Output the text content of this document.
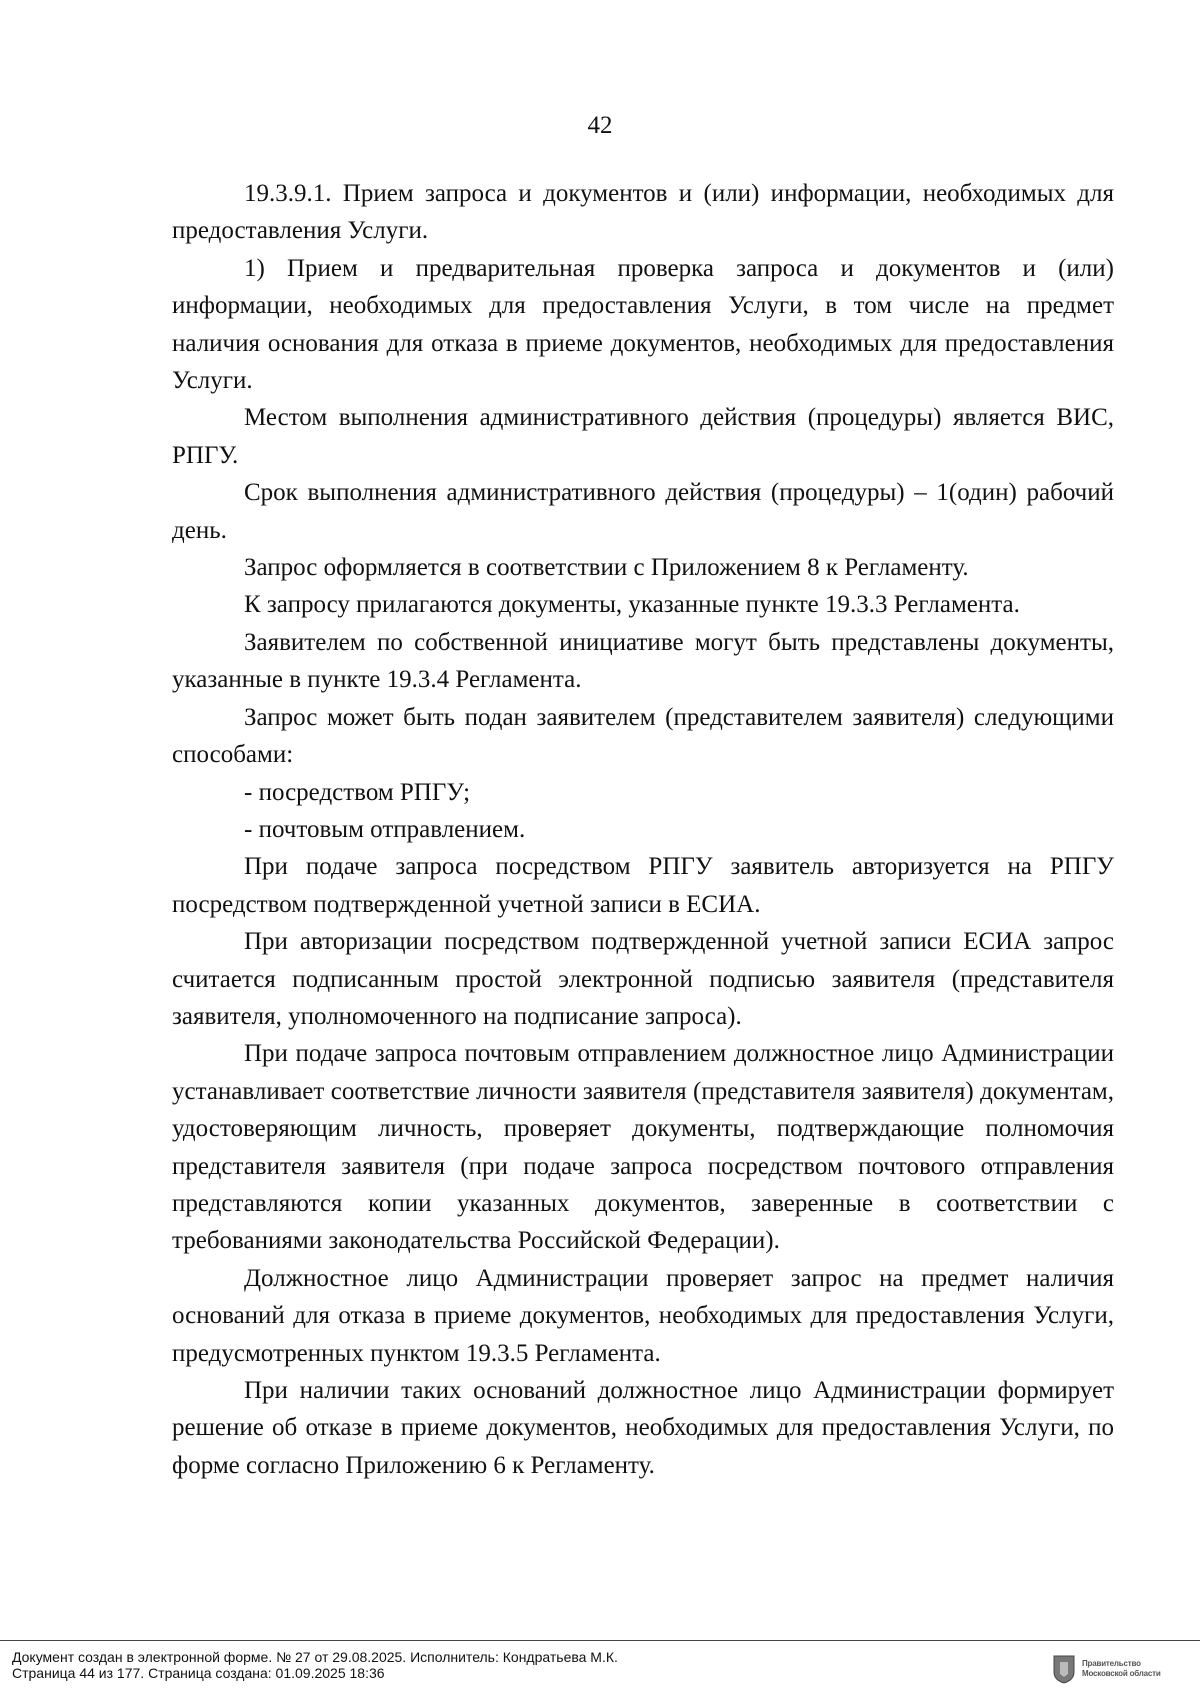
42

19.3.9.1. Прием запроса и документов и (или) информации, необходимых для предоставления Услуги.

1) Прием и предварительная проверка запроса и документов и (или) информации, необходимых для предоставления Услуги, в том числе на предмет наличия основания для отказа в приеме документов, необходимых для предоставления Услуги.

Местом выполнения административного действия (процедуры) является ВИС, РПГУ.

Срок выполнения административного действия (процедуры) – 1(один) рабочий день.

Запрос оформляется в соответствии с Приложением 8 к Регламенту.

К запросу прилагаются документы, указанные пункте 19.3.3 Регламента.

Заявителем по собственной инициативе могут быть представлены документы, указанные в пункте 19.3.4 Регламента.

Запрос может быть подан заявителем (представителем заявителя) следующими способами:

- посредством РПГУ;

- почтовым отправлением.

При подаче запроса посредством РПГУ заявитель авторизуется на РПГУ посредством подтвержденной учетной записи в ЕСИА.

При авторизации посредством подтвержденной учетной записи ЕСИА запрос считается подписанным простой электронной подписью заявителя (представителя заявителя, уполномоченного на подписание запроса).

При подаче запроса почтовым отправлением должностное лицо Администрации устанавливает соответствие личности заявителя (представителя заявителя) документам, удостоверяющим личность, проверяет документы, подтверждающие полномочия представителя заявителя (при подаче запроса посредством почтового отправления представляются копии указанных документов, заверенные в соответствии с требованиями законодательства Российской Федерации).

Должностное лицо Администрации проверяет запрос на предмет наличия оснований для отказа в приеме документов, необходимых для предоставления Услуги, предусмотренных пунктом 19.3.5 Регламента.

При наличии таких оснований должностное лицо Администрации формирует решение об отказе в приеме документов, необходимых для предоставления Услуги, по форме согласно Приложению 6 к Регламенту.

Документ создан в электронной форме. № 27 от 29.08.2025. Исполнитель: Кондратьева М.К.
Страница 44 из 177. Страница создана: 01.09.2025 18:36
Правительство
Московской области
